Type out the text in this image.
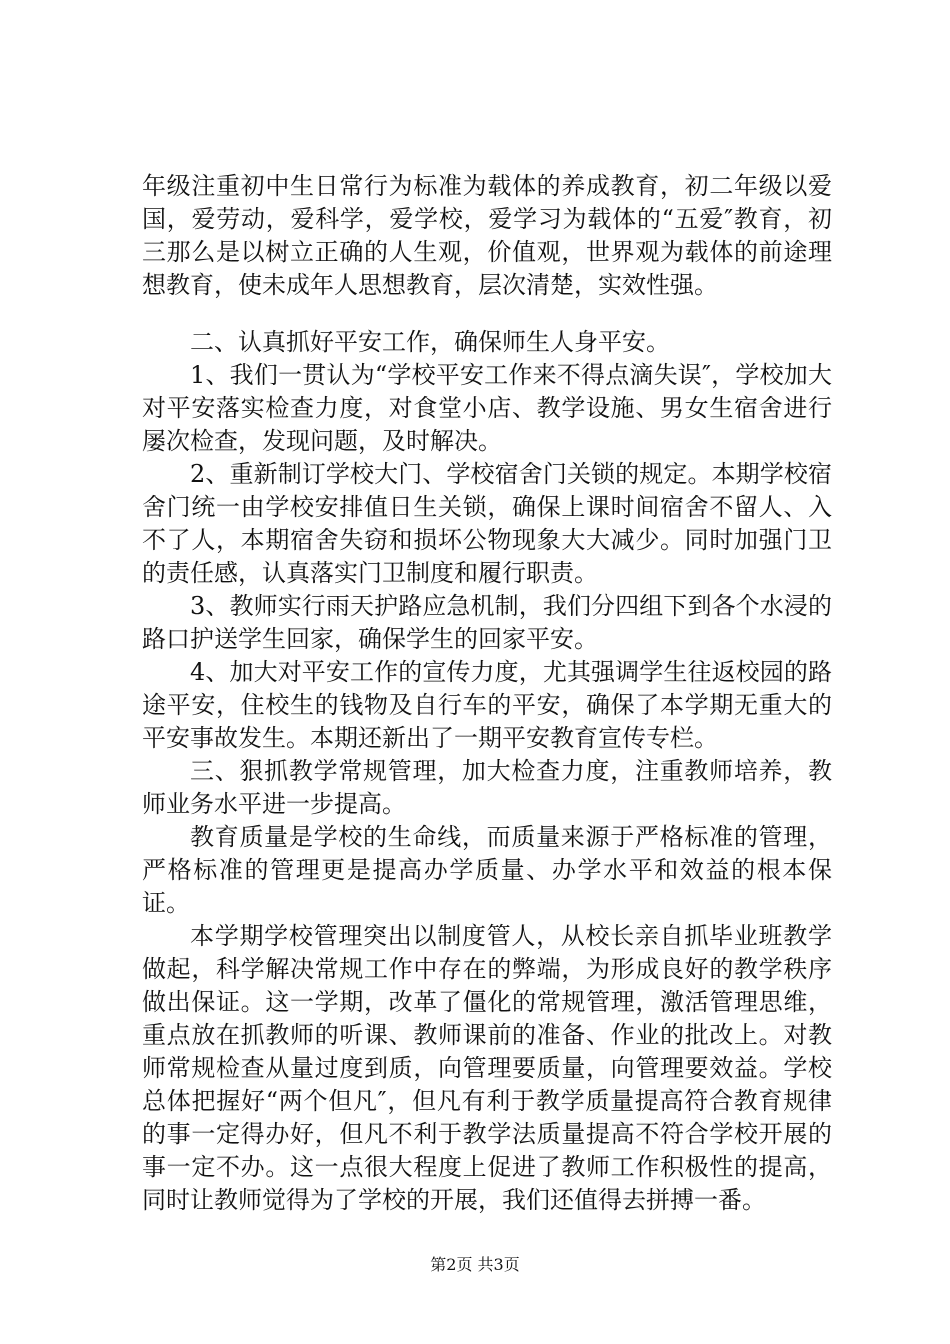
年级注重初中生日常行为标准为载体的养成教育，初二年级以爱国，爱劳动，爱科学，爱学校，爱学习为载体的“五爱″教育，初三那么是以树立正确的人生观，价值观，世界观为载体的前途理想教育，使未成年人思想教育，层次清楚，实效性强。

二、认真抓好平安工作，确保师生人身平安。

1、我们一贯认为“学校平安工作来不得点滴失误″，学校加大对平安落实检查力度，对食堂小店、教学设施、男女生宿舍进行屡次检查，发现问题，及时解决。

2、重新制订学校大门、学校宿舍门关锁的规定。本期学校宿舍门统一由学校安排值日生关锁，确保上课时间宿舍不留人、入不了人，本期宿舍失窃和损坏公物现象大大减少。同时加强门卫的责任感，认真落实门卫制度和履行职责。

3、教师实行雨天护路应急机制，我们分四组下到各个水浸的路口护送学生回家，确保学生的回家平安。

4、加大对平安工作的宣传力度，尤其强调学生往返校园的路途平安，住校生的钱物及自行车的平安，确保了本学期无重大的平安事故发生。本期还新出了一期平安教育宣传专栏。

三、狠抓教学常规管理，加大检查力度，注重教师培养，教师业务水平进一步提高。

教育质量是学校的生命线，而质量来源于严格标准的管理，严格标准的管理更是提高办学质量、办学水平和效益的根本保证。

本学期学校管理突出以制度管人，从校长亲自抓毕业班教学做起，科学解决常规工作中存在的弊端，为形成良好的教学秩序做出保证。这一学期，改革了僵化的常规管理，激活管理思维，重点放在抓教师的听课、教师课前的准备、作业的批改上。对教师常规检查从量过度到质，向管理要质量，向管理要效益。学校总体把握好“两个但凡″，但凡有利于教学质量提高符合教育规律的事一定得办好，但凡不利于教学法质量提高不符合学校开展的事一定不办。这一点很大程度上促进了教师工作积极性的提高，同时让教师觉得为了学校的开展，我们还值得去拼搏一番。

第2页 共3页
